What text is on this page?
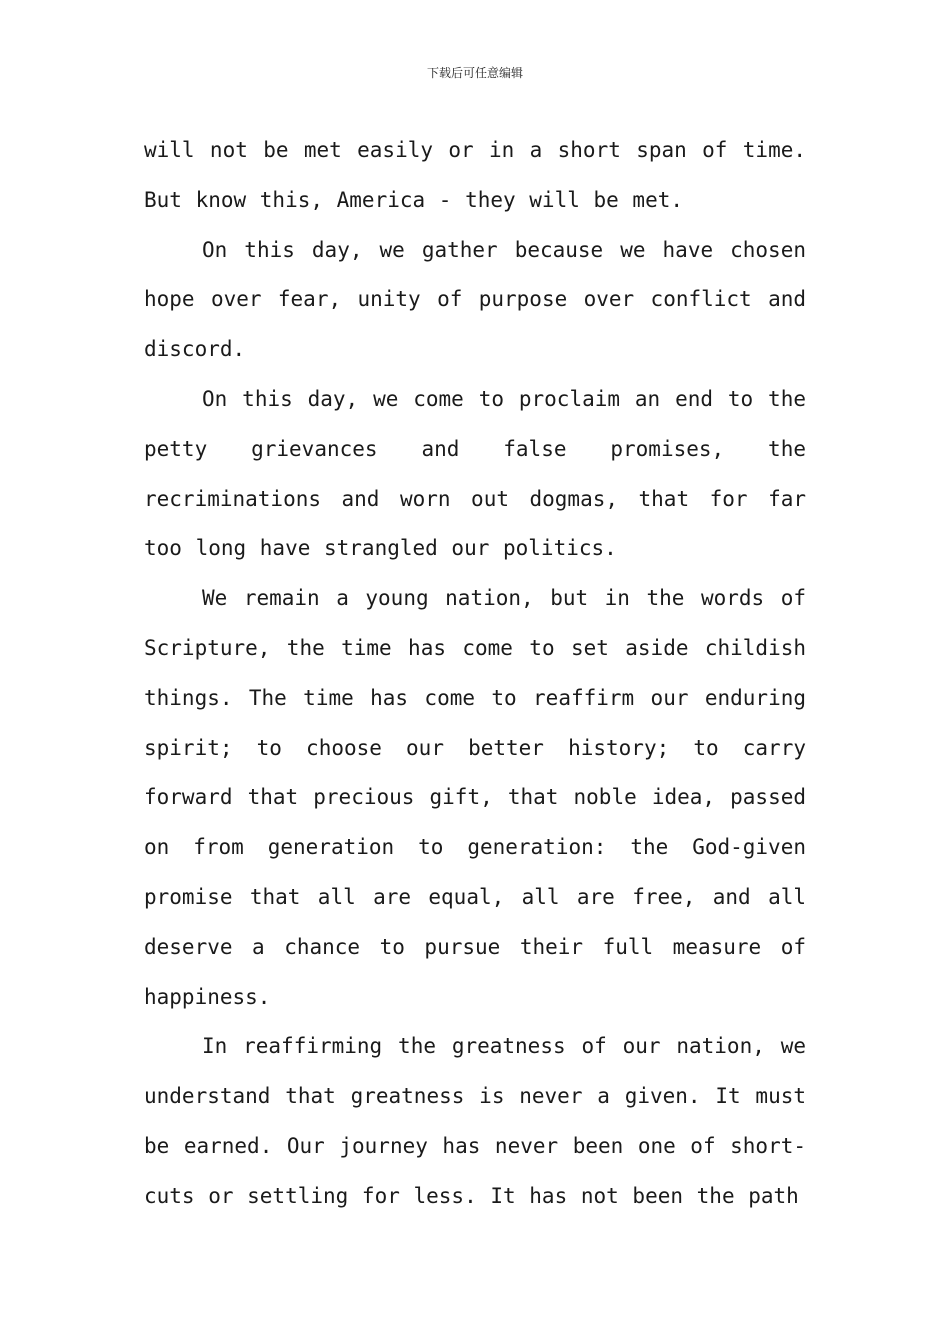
下载后可任意编辑

will not be met easily or in a short span of time. But know this, America - they will be met.

On this day, we gather because we have chosen hope over fear, unity of purpose over conflict and discord.

On this day, we come to proclaim an end to the petty grievances and false promises, the recriminations and worn out dogmas, that for far too long have strangled our politics.

We remain a young nation, but in the words of Scripture, the time has come to set aside childish things. The time has come to reaffirm our enduring spirit; to choose our better history; to carry forward that precious gift, that noble idea, passed on from generation to generation: the God-given promise that all are equal, all are free, and all deserve a chance to pursue their full measure of happiness.

In reaffirming the greatness of our nation, we understand that greatness is never a given. It must be earned. Our journey has never been one of short-cuts or settling for less. It has not been the path
